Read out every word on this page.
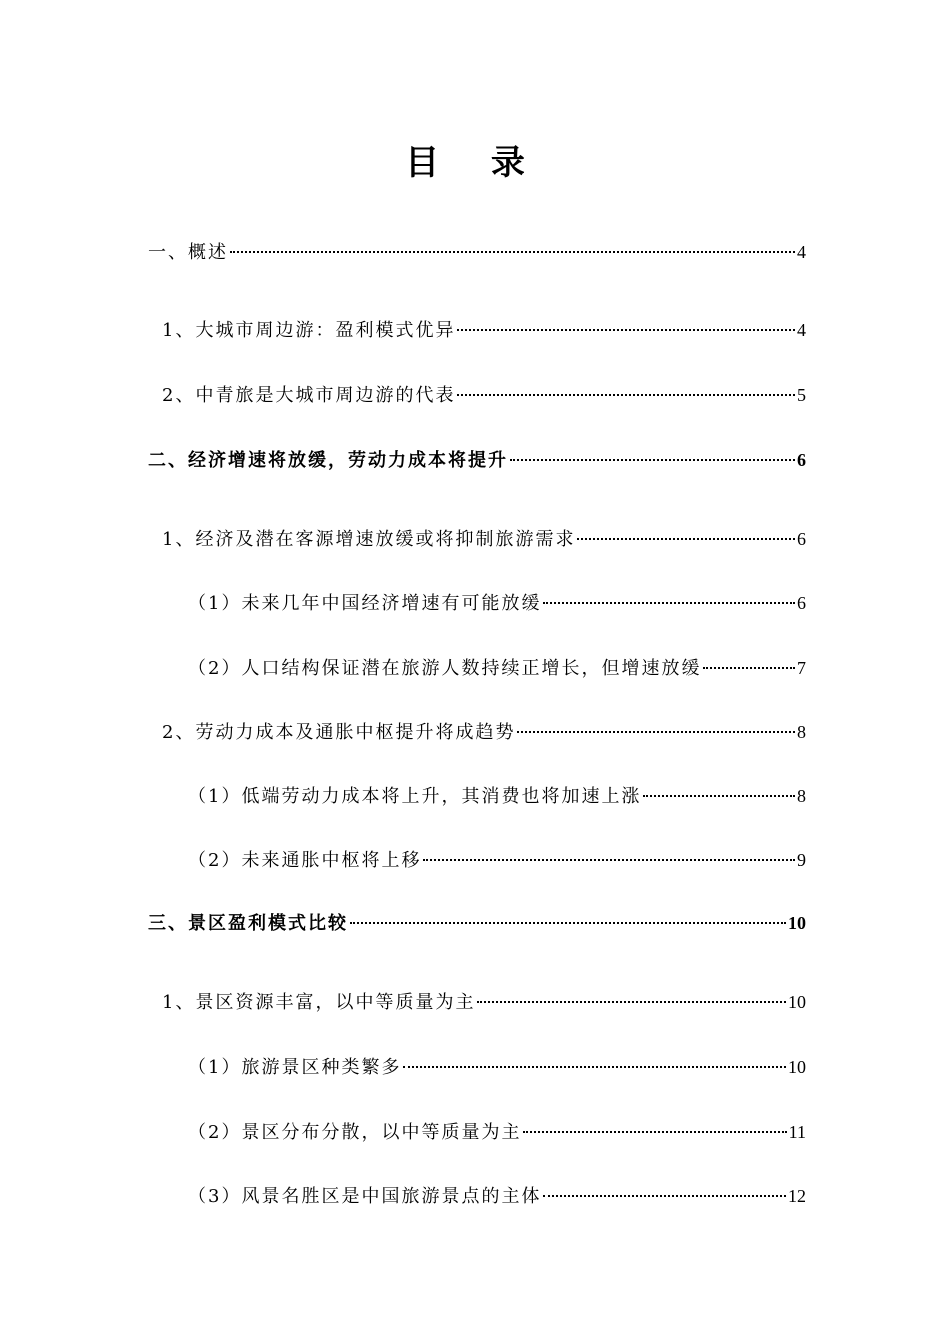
目 录
一、概述	4
1、大城市周边游：盈利模式优异	4
2、中青旅是大城市周边游的代表	5
二、经济增速将放缓，劳动力成本将提升	6
1、经济及潜在客源增速放缓或将抑制旅游需求	6
（1）未来几年中国经济增速有可能放缓	6
（2）人口结构保证潜在旅游人数持续正增长，但增速放缓	7
2、劳动力成本及通胀中枢提升将成趋势	8
（1）低端劳动力成本将上升，其消费也将加速上涨	8
（2）未来通胀中枢将上移	9
三、景区盈利模式比较	10
1、景区资源丰富，以中等质量为主	10
（1）旅游景区种类繁多	10
（2）景区分布分散，以中等质量为主	11
（3）风景名胜区是中国旅游景点的主体	12
